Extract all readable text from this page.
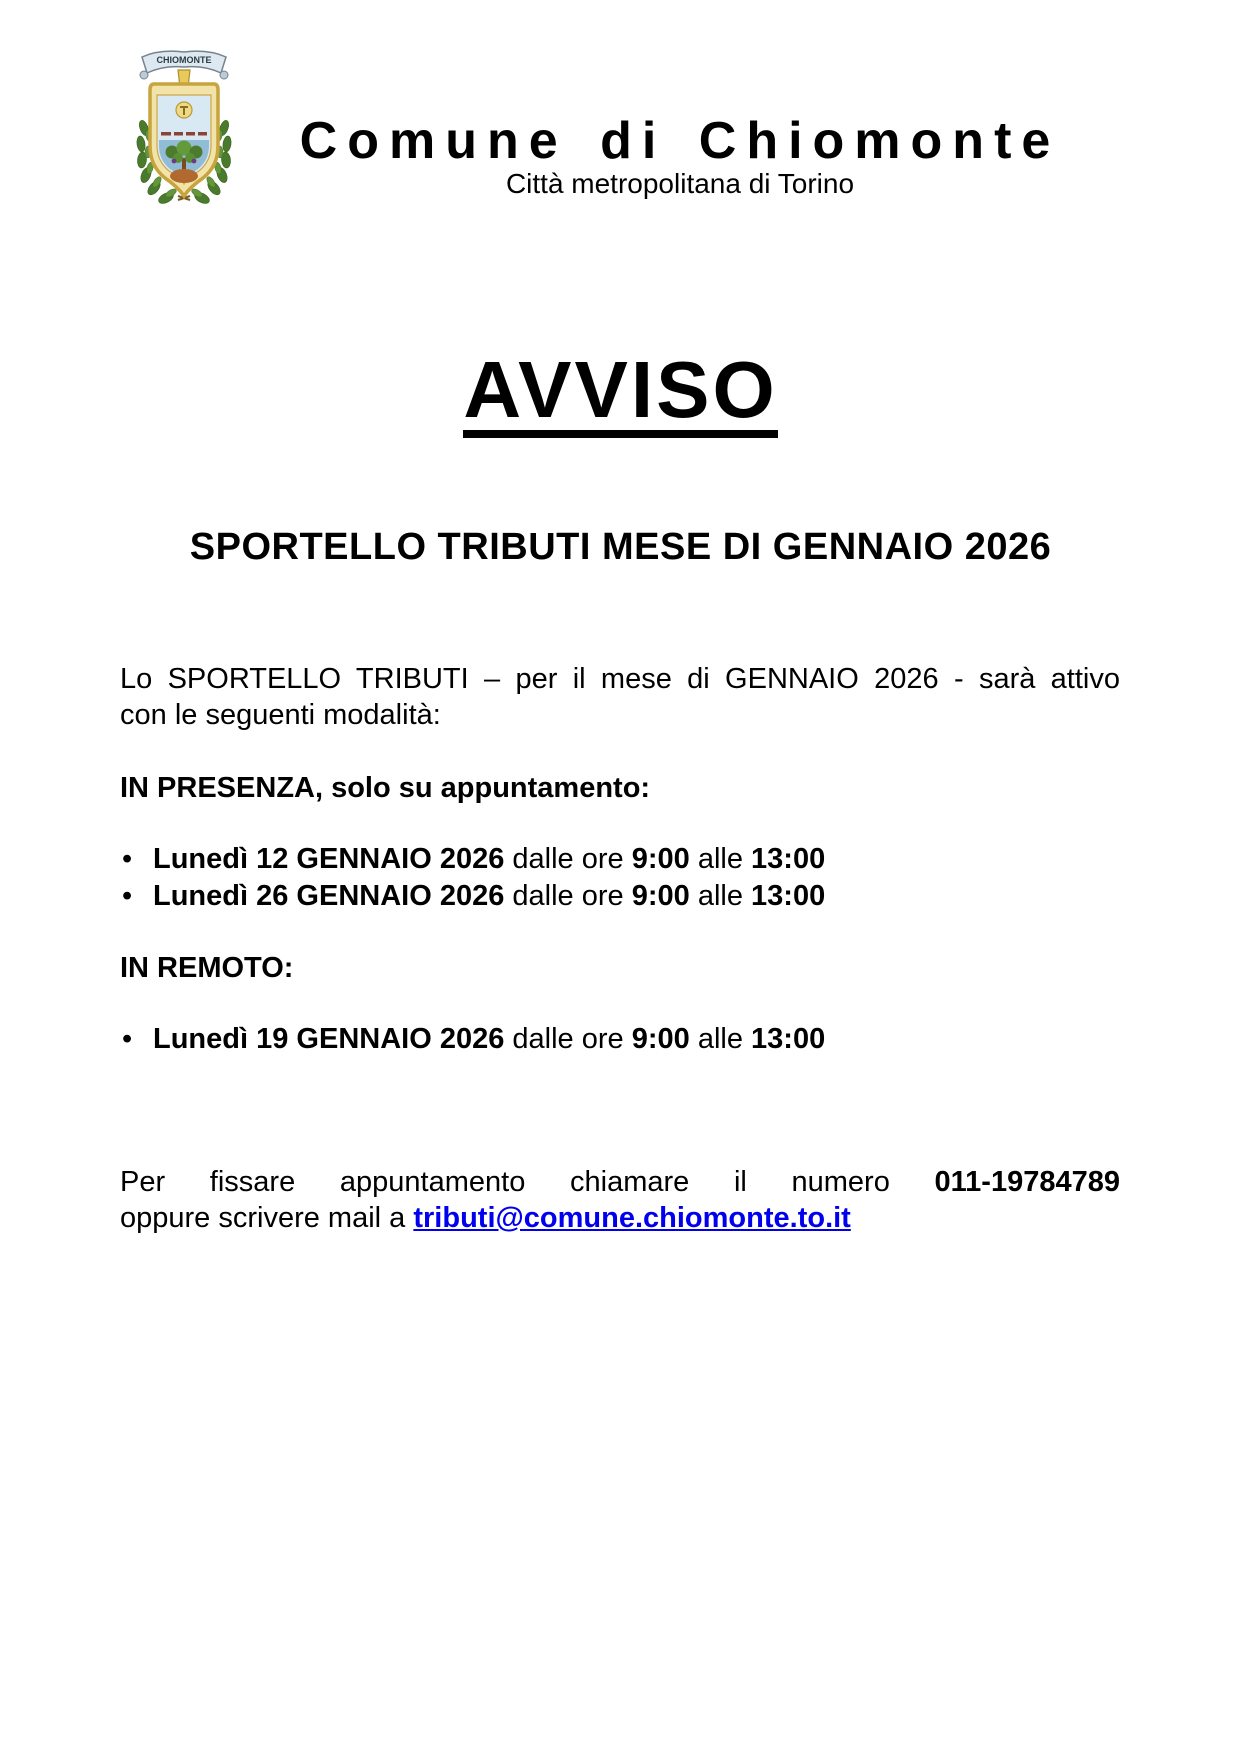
CHIOMONTE
Comune di Chiomonte
Città metropolitana di Torino
AVVISO
SPORTELLO TRIBUTI MESE DI GENNAIO 2026
Lo SPORTELLO TRIBUTI – per il mese di GENNAIO 2026 - sarà attivo
con le seguenti modalità:
IN PRESENZA, solo su appuntamento:
• Lunedì 12 GENNAIO 2026 dalle ore 9:00 alle 13:00
• Lunedì 26 GENNAIO 2026 dalle ore 9:00 alle 13:00
IN REMOTO:
• Lunedì 19 GENNAIO 2026 dalle ore 9:00 alle 13:00
Per fissare appuntamento chiamare il numero 011-19784789
oppure scrivere mail a tributi@comune.chiomonte.to.it
